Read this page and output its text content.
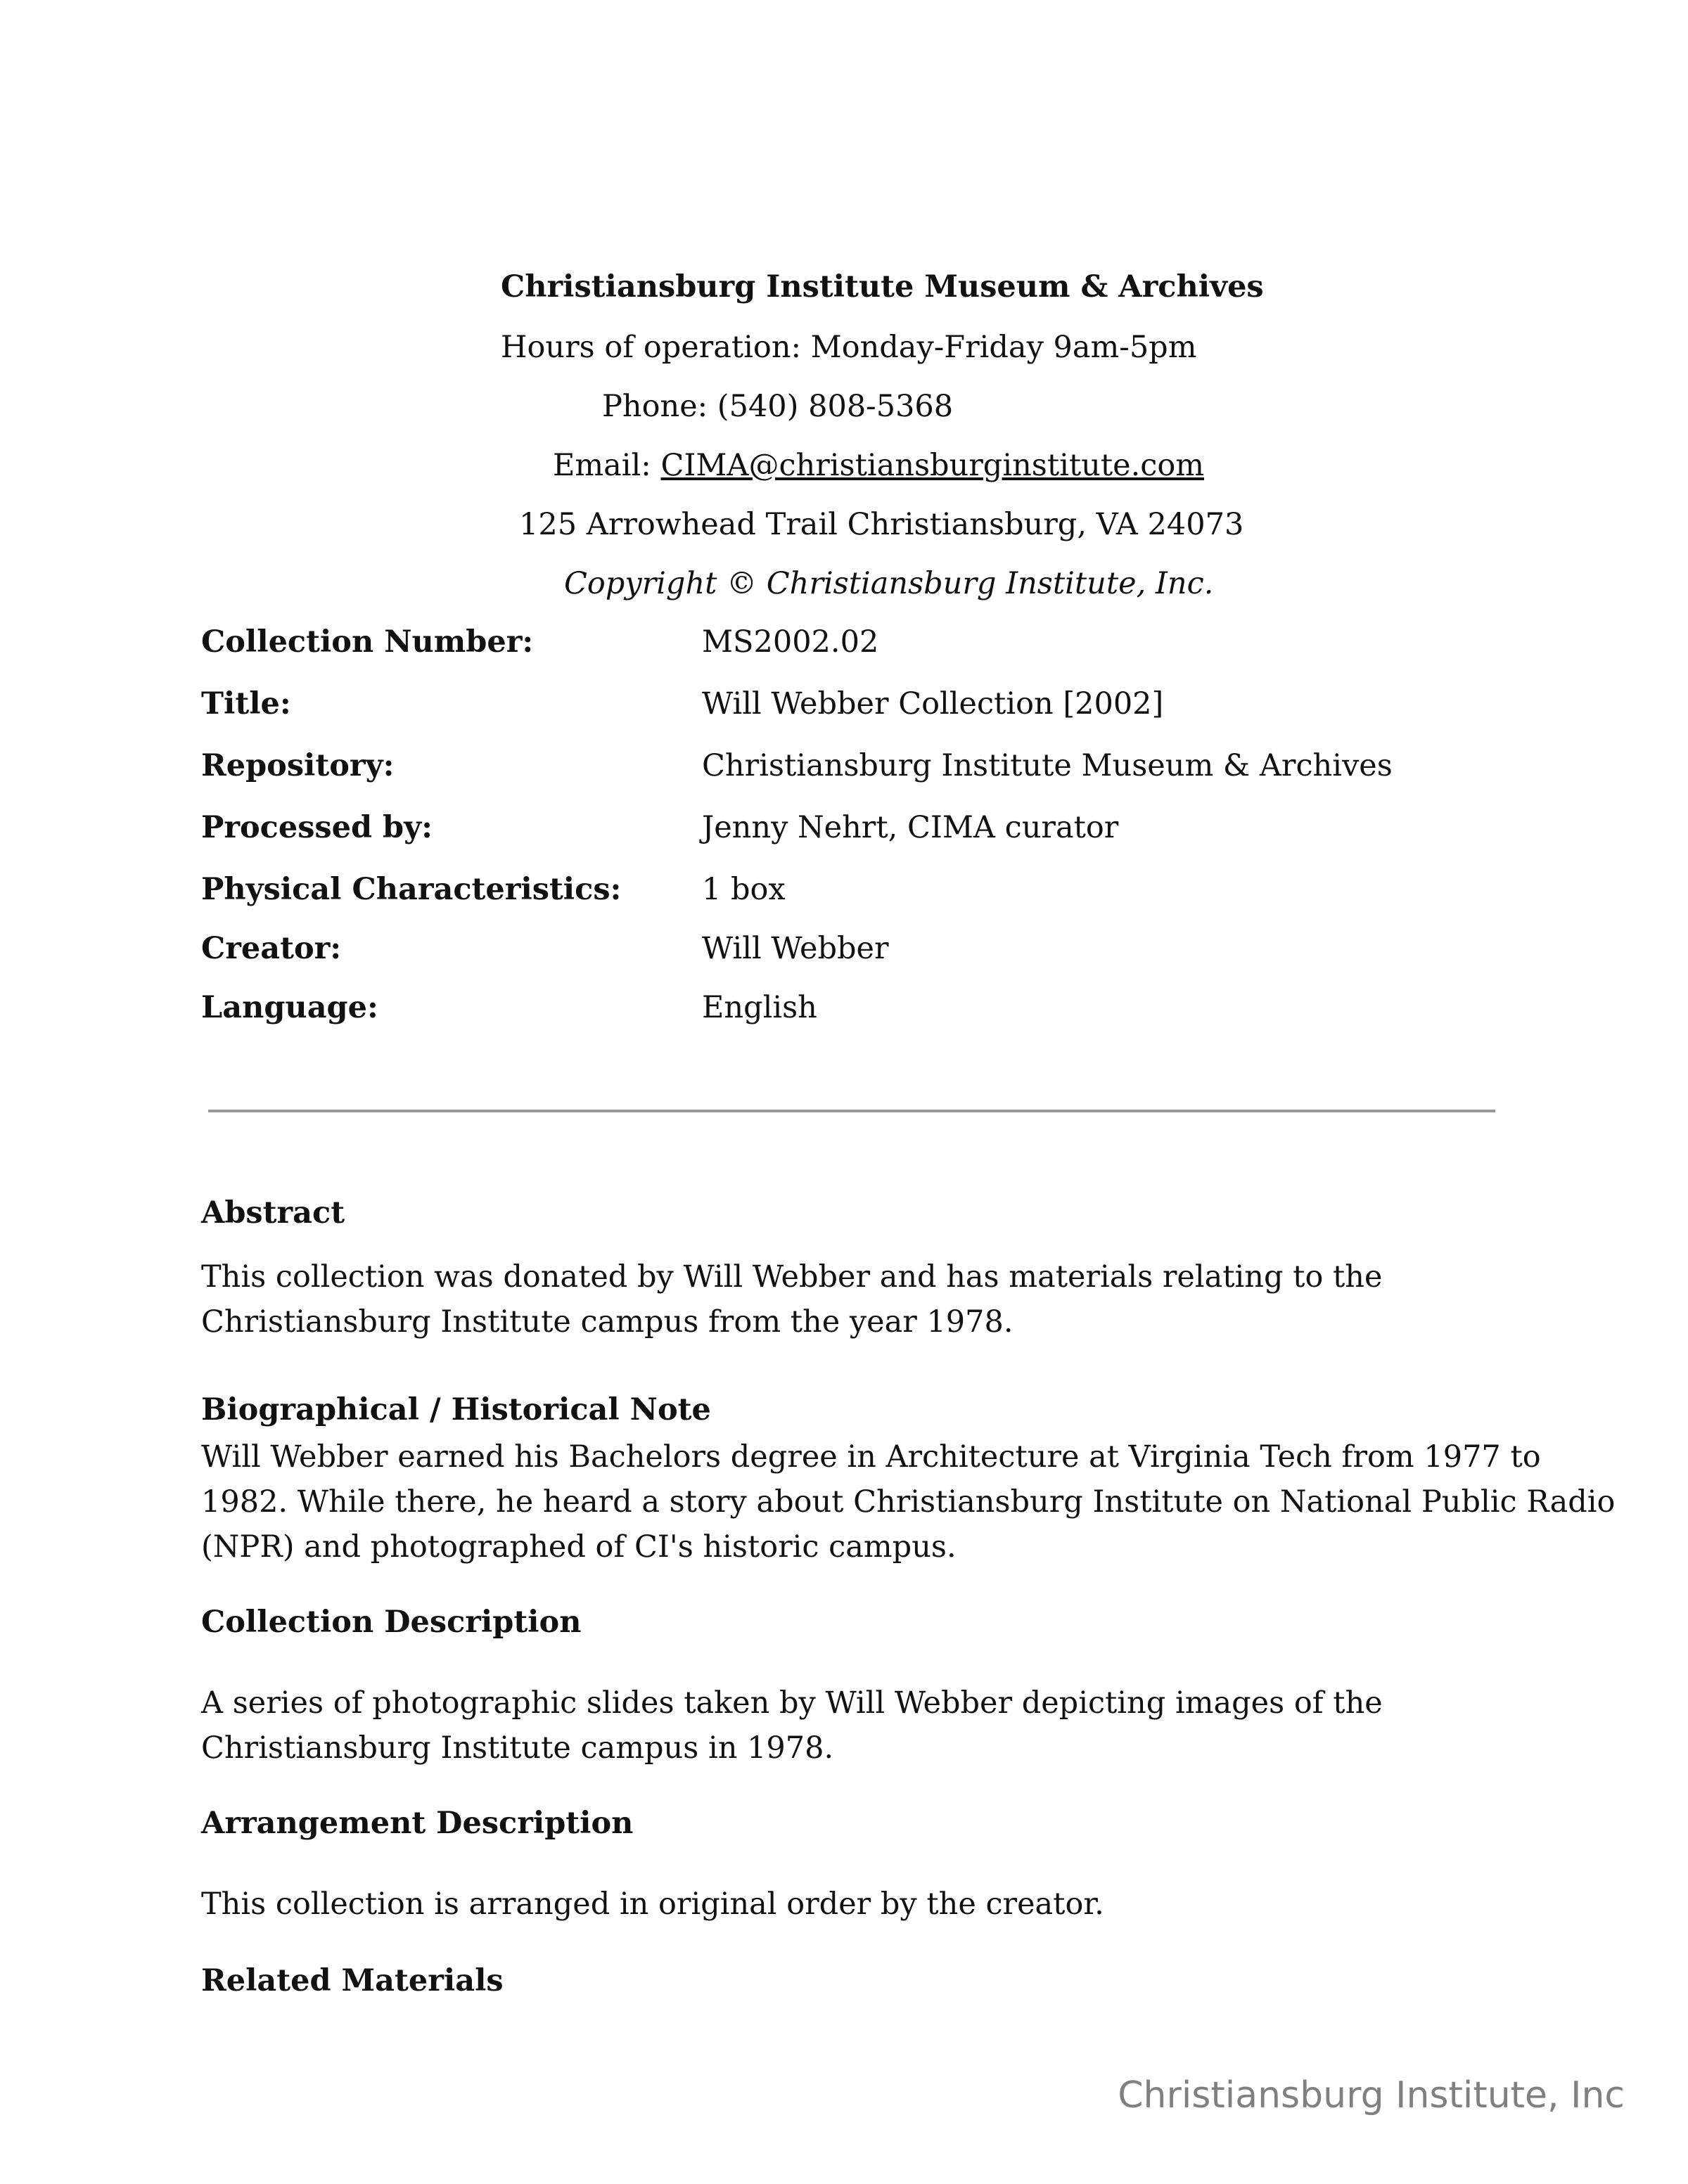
Christiansburg Institute Museum & Archives
Hours of operation: Monday-Friday 9am-5pm
Phone: (540) 808-5368
Email: CIMA@christiansburginstitute.com
125 Arrowhead Trail Christiansburg, VA 24073
Copyright © Christiansburg Institute, Inc.
Collection Number:	MS2002.02
Title:	Will Webber Collection [2002]
Repository:	Christiansburg Institute Museum & Archives
Processed by:	Jenny Nehrt, CIMA curator
Physical Characteristics:	1 box
Creator:	Will Webber
Language:	English
Abstract
This collection was donated by Will Webber and has materials relating to the
Christiansburg Institute campus from the year 1978.
Biographical / Historical Note
Will Webber earned his Bachelors degree in Architecture at Virginia Tech from 1977 to
1982. While there, he heard a story about Christiansburg Institute on National Public Radio
(NPR) and photographed of CI's historic campus.
Collection Description
A series of photographic slides taken by Will Webber depicting images of the
Christiansburg Institute campus in 1978.
Arrangement Description
This collection is arranged in original order by the creator.
Related Materials
Christiansburg Institute, Inc
